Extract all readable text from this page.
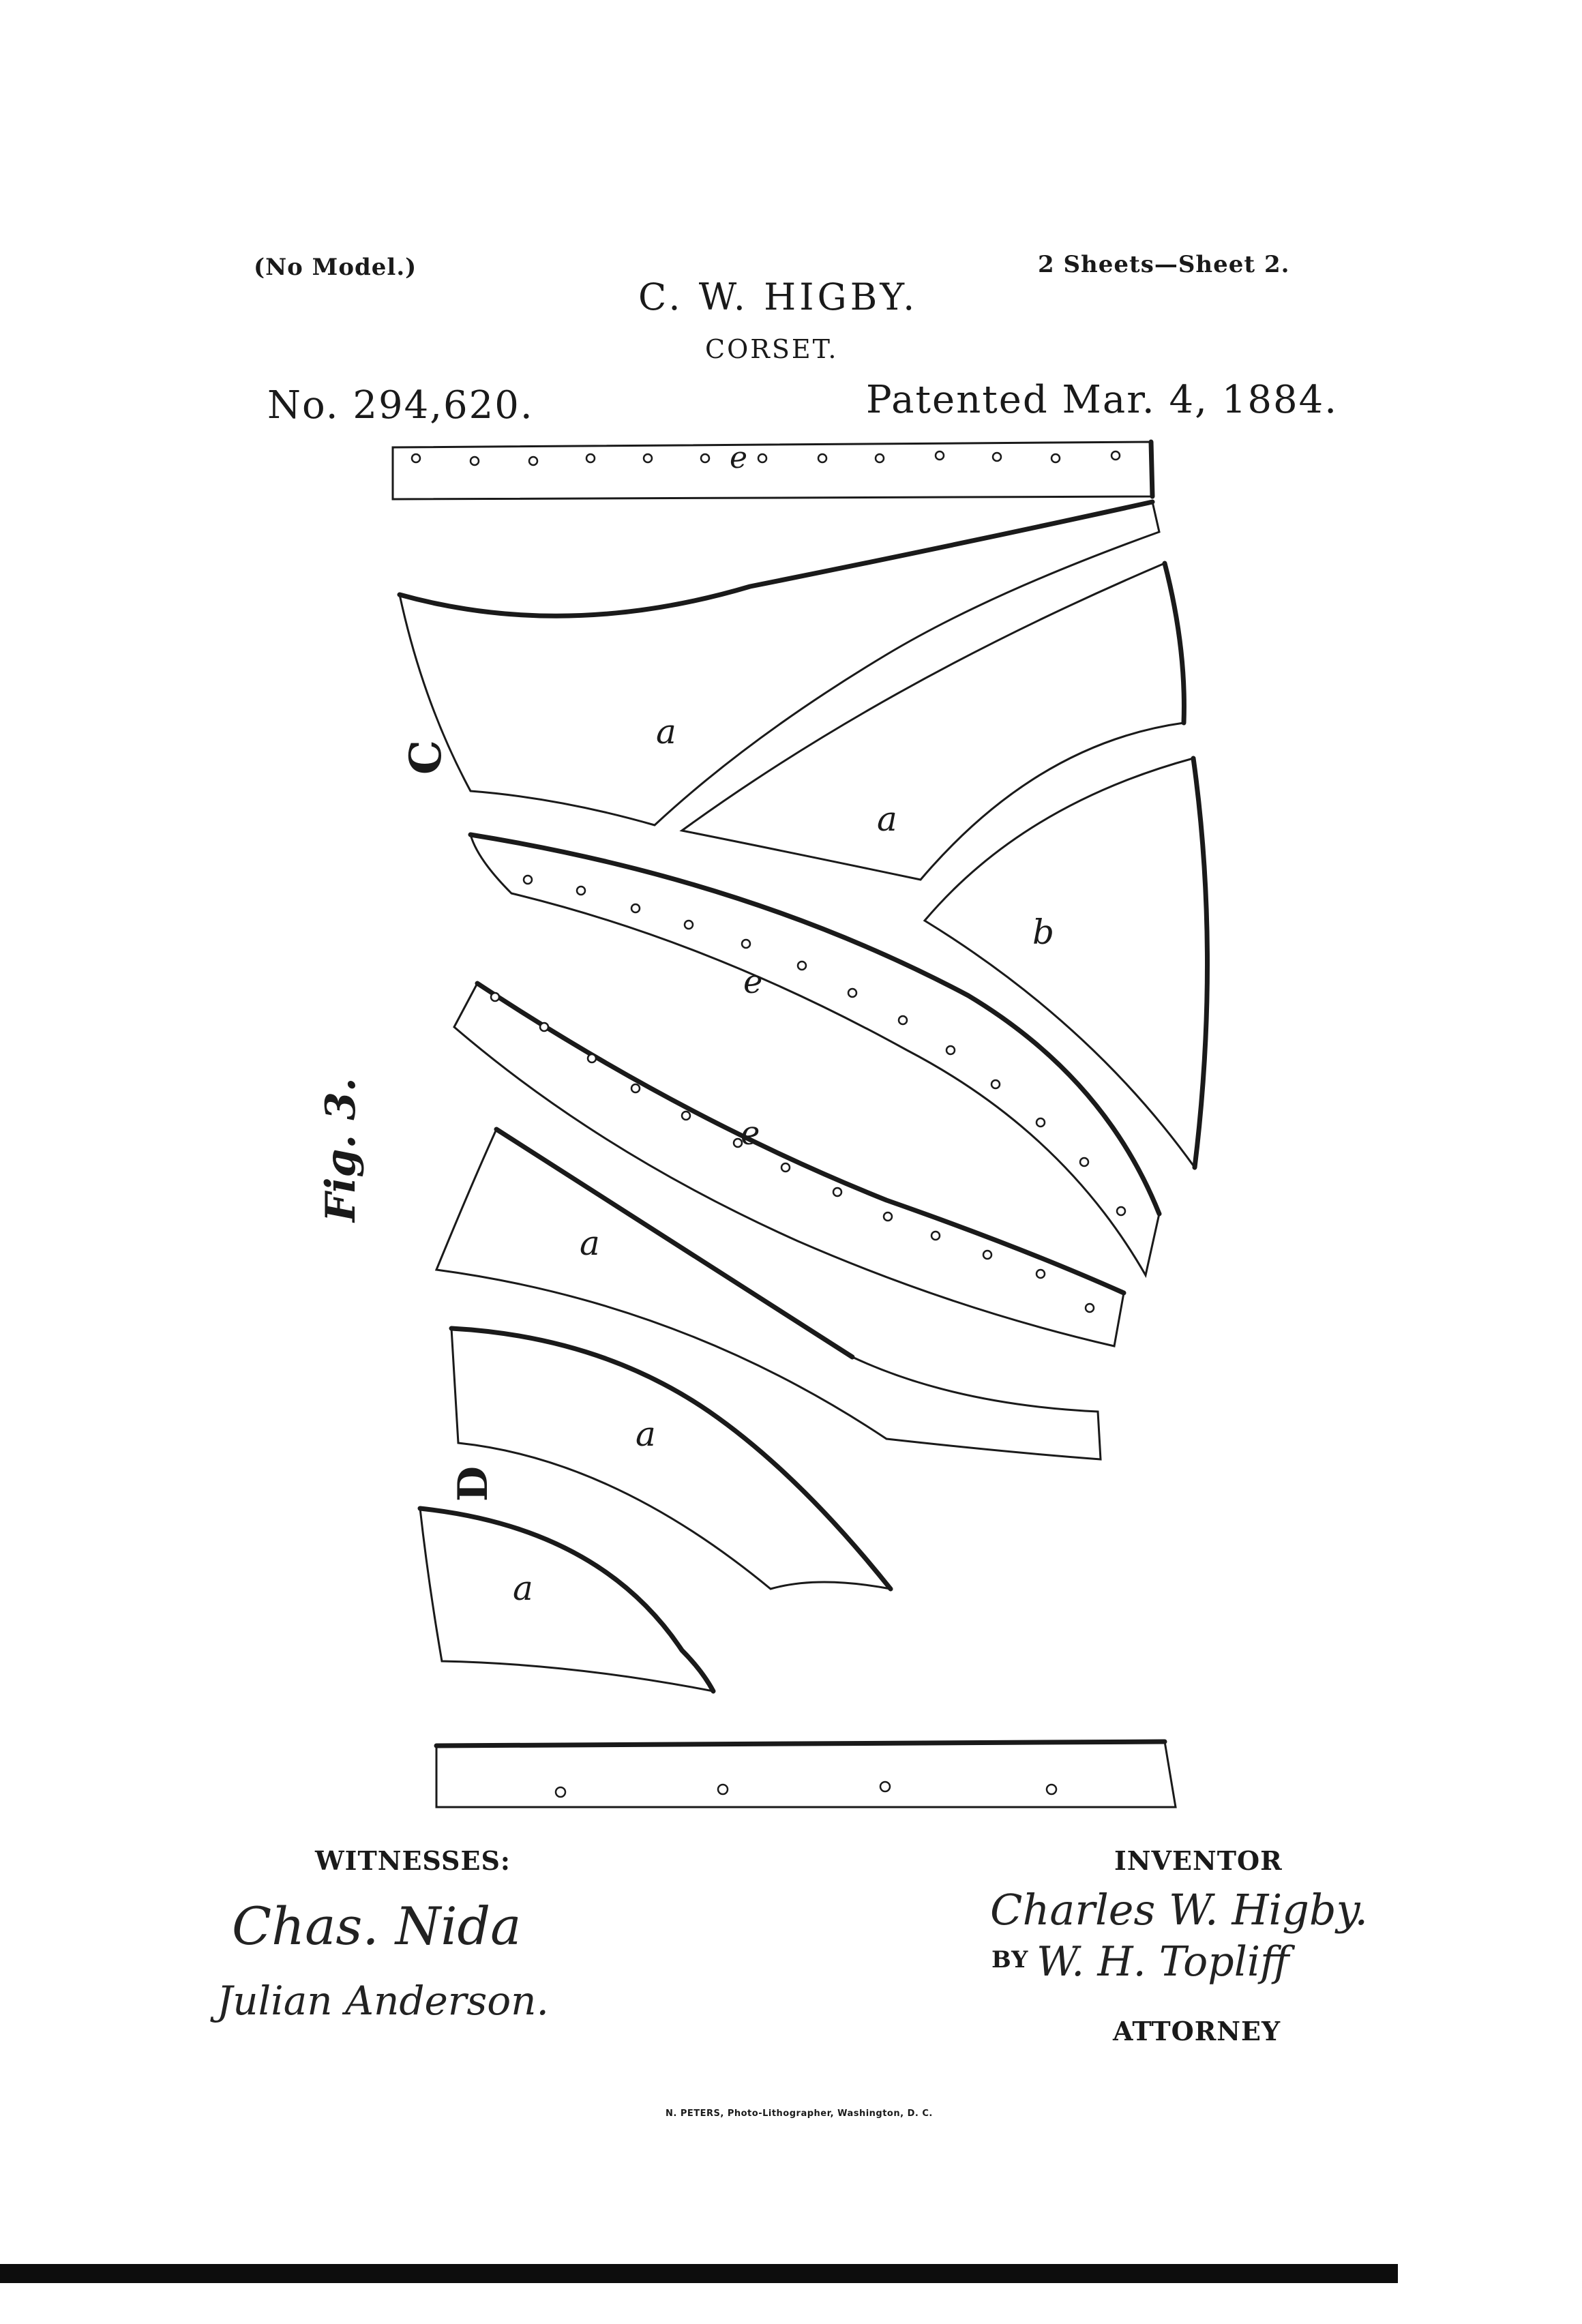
(No Model.)	2 Sheets—Sheet 2.
C. W. HIGBY.
CORSET.
No. 294,620.	Patented Mar. 4, 1884.
e
C
a
a
b
e
e
a
a
D
a
Fig. 3.
WITNESSES:
Chas. Nida
Julian Anderson.
INVENTOR
Charles W. Higby.
BY W. H. Topliff
ATTORNEY
N. PETERS, Photo-Lithographer, Washington, D. C.
